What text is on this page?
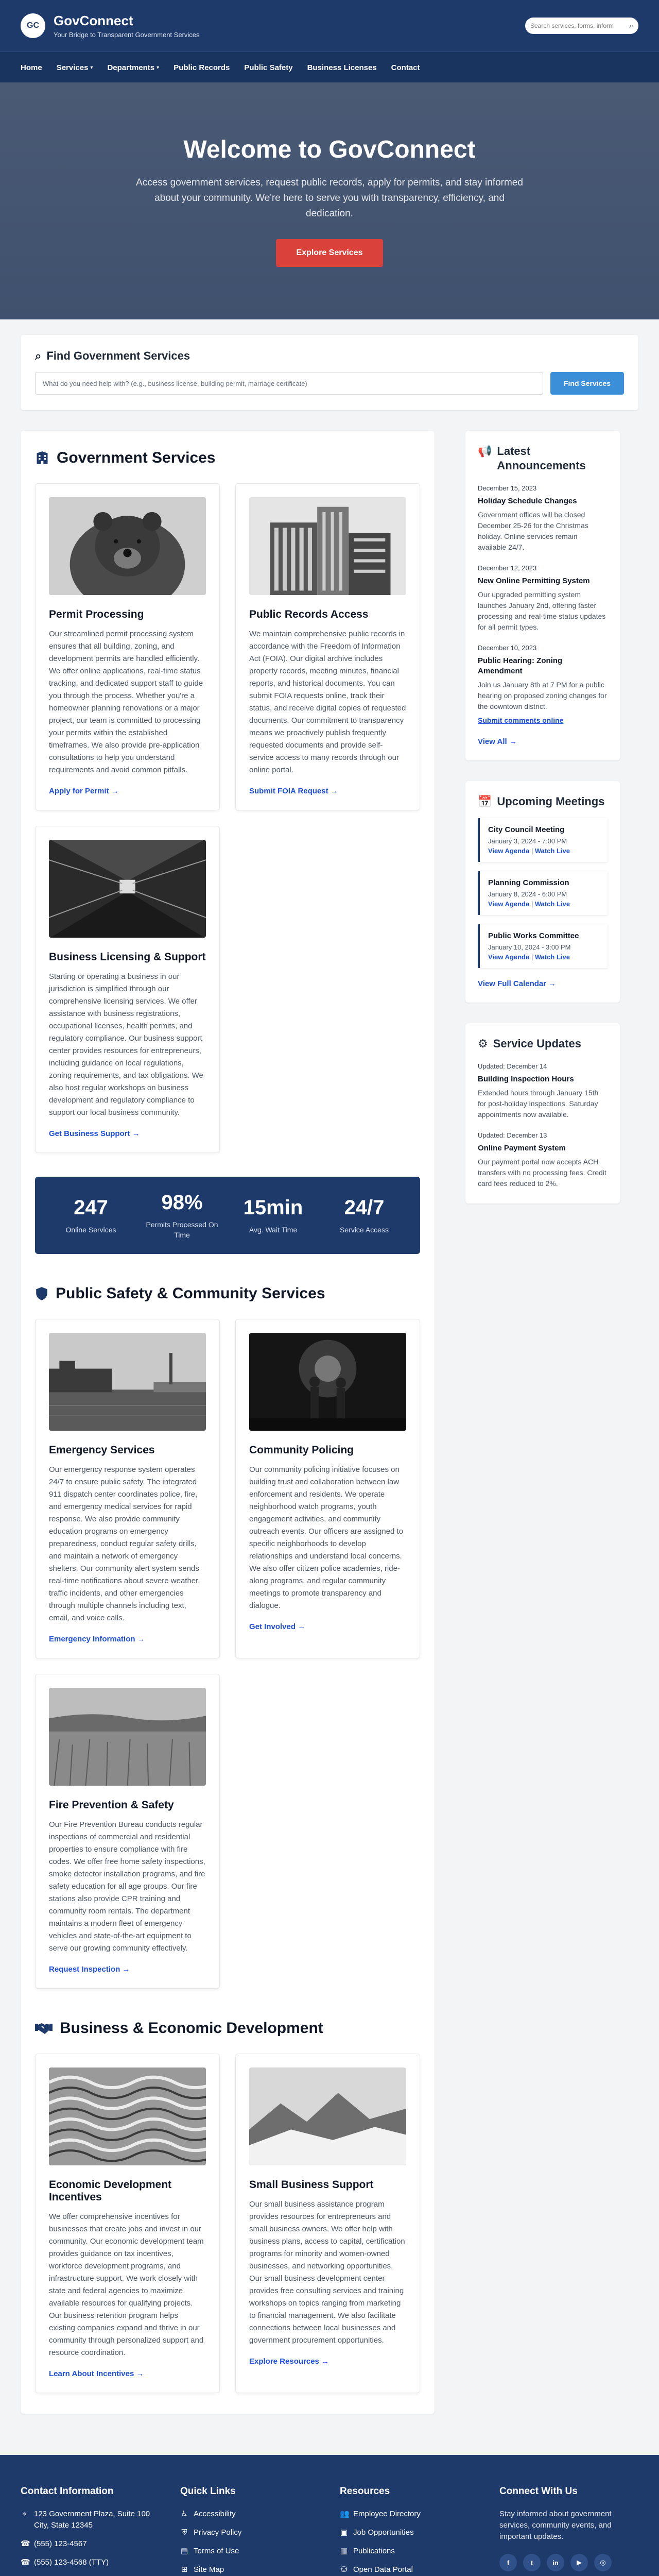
GC	GovConnect
Your Bridge to Transparent Government Services
Search services, forms, inform
⌕
Home Services ▾ Departments ▾ Public Records Public Safety Business Licenses Contact
Welcome to GovConnect

Access government services, request public records, apply for permits, and stay informed about your community. We're here to serve you with transparency, efficiency, and dedication.

Explore Services
⌕ Find Government Services
What do you need help with? (e.g., business license, building permit, marriage certificate)	Find Services
Government Services
Permit Processing

Our streamlined permit processing system ensures that all building, zoning, and development permits are handled efficiently. We offer online applications, real-time status tracking, and dedicated support staff to guide you through the process. Whether you're a homeowner planning renovations or a major project, our team is committed to processing your permits within the established timeframes. We also provide pre-application consultations to help you understand requirements and avoid common pitfalls.

Apply for Permit →
Public Records Access

We maintain comprehensive public records in accordance with the Freedom of Information Act (FOIA). Our digital archive includes property records, meeting minutes, financial reports, and historical documents. You can submit FOIA requests online, track their status, and receive digital copies of requested documents. Our commitment to transparency means we proactively publish frequently requested documents and provide self-service access to many records through our online portal.

Submit FOIA Request →
Business Licensing & Support

Starting or operating a business in our jurisdiction is simplified through our comprehensive licensing services. We offer assistance with business registrations, occupational licenses, health permits, and regulatory compliance. Our business support center provides resources for entrepreneurs, including guidance on local regulations, zoning requirements, and tax obligations. We also host regular workshops on business development and regulatory compliance to support our local business community.

Get Business Support →
247
Online Services
98%
Permits Processed On Time
15min
Avg. Wait Time
24/7
Service Access
Public Safety & Community Services
Emergency Services

Our emergency response system operates 24/7 to ensure public safety. The integrated 911 dispatch center coordinates police, fire, and emergency medical services for rapid response. We also provide community education programs on emergency preparedness, conduct regular safety drills, and maintain a network of emergency shelters. Our community alert system sends real-time notifications about severe weather, traffic incidents, and other emergencies through multiple channels including text, email, and voice calls.

Emergency Information →
Community Policing

Our community policing initiative focuses on building trust and collaboration between law enforcement and residents. We operate neighborhood watch programs, youth engagement activities, and community outreach events. Our officers are assigned to specific neighborhoods to develop relationships and understand local concerns. We also offer citizen police academies, ride-along programs, and regular community meetings to promote transparency and dialogue.

Get Involved →
Fire Prevention & Safety

Our Fire Prevention Bureau conducts regular inspections of commercial and residential properties to ensure compliance with fire codes. We offer free home safety inspections, smoke detector installation programs, and fire safety education for all age groups. Our fire stations also provide CPR training and community room rentals. The department maintains a modern fleet of emergency vehicles and state-of-the-art equipment to serve our growing community effectively.

Request Inspection →
Business & Economic Development
Economic Development Incentives

We offer comprehensive incentives for businesses that create jobs and invest in our community. Our economic development team provides guidance on tax incentives, workforce development programs, and infrastructure support. We work closely with state and federal agencies to maximize available resources for qualifying projects. Our business retention program helps existing companies expand and thrive in our community through personalized support and resource coordination.

Learn About Incentives →
Small Business Support

Our small business assistance program provides resources for entrepreneurs and small business owners. We offer help with business plans, access to capital, certification programs for minority and women-owned businesses, and networking opportunities. Our small business development center provides free consulting services and training workshops on topics ranging from marketing to financial management. We also facilitate connections between local businesses and government procurement opportunities.

Explore Resources →
📢 Latest Announcements
December 15, 2023
Holiday Schedule Changes
Government offices will be closed December 25-26 for the Christmas holiday. Online services remain available 24/7.
December 12, 2023
New Online Permitting System
Our upgraded permitting system launches January 2nd, offering faster processing and real-time status updates for all permit types.
December 10, 2023
Public Hearing: Zoning Amendment
Join us January 8th at 7 PM for a public hearing on proposed zoning changes for the downtown district.
Submit comments online
View All →
📅 Upcoming Meetings
City Council Meeting
January 3, 2024 - 7:00 PM
View Agenda | Watch Live
Planning Commission
January 8, 2024 - 6:00 PM
View Agenda | Watch Live
Public Works Committee
January 10, 2024 - 3:00 PM
View Agenda | Watch Live
View Full Calendar →
⚙ Service Updates
Updated: December 14
Building Inspection Hours
Extended hours through January 15th for post-holiday inspections. Saturday appointments now available.
Updated: December 13
Online Payment System
Our payment portal now accepts ACH transfers with no processing fees. Credit card fees reduced to 2%.
Contact Information
⌖ 123 Government Plaza, Suite 100 City, State 12345
☎ (555) 123-4567
☎ (555) 123-4568 (TTY)
Quick Links
♿ Accessibility
⛨ Privacy Policy
▤ Terms of Use
⊞ Site Map
Resources
👥 Employee Directory
▣ Job Opportunities
▥ Publications
⛁ Open Data Portal
Connect With Us

Stay informed about government services, community events, and important updates.

f	t	in	▶	◎
